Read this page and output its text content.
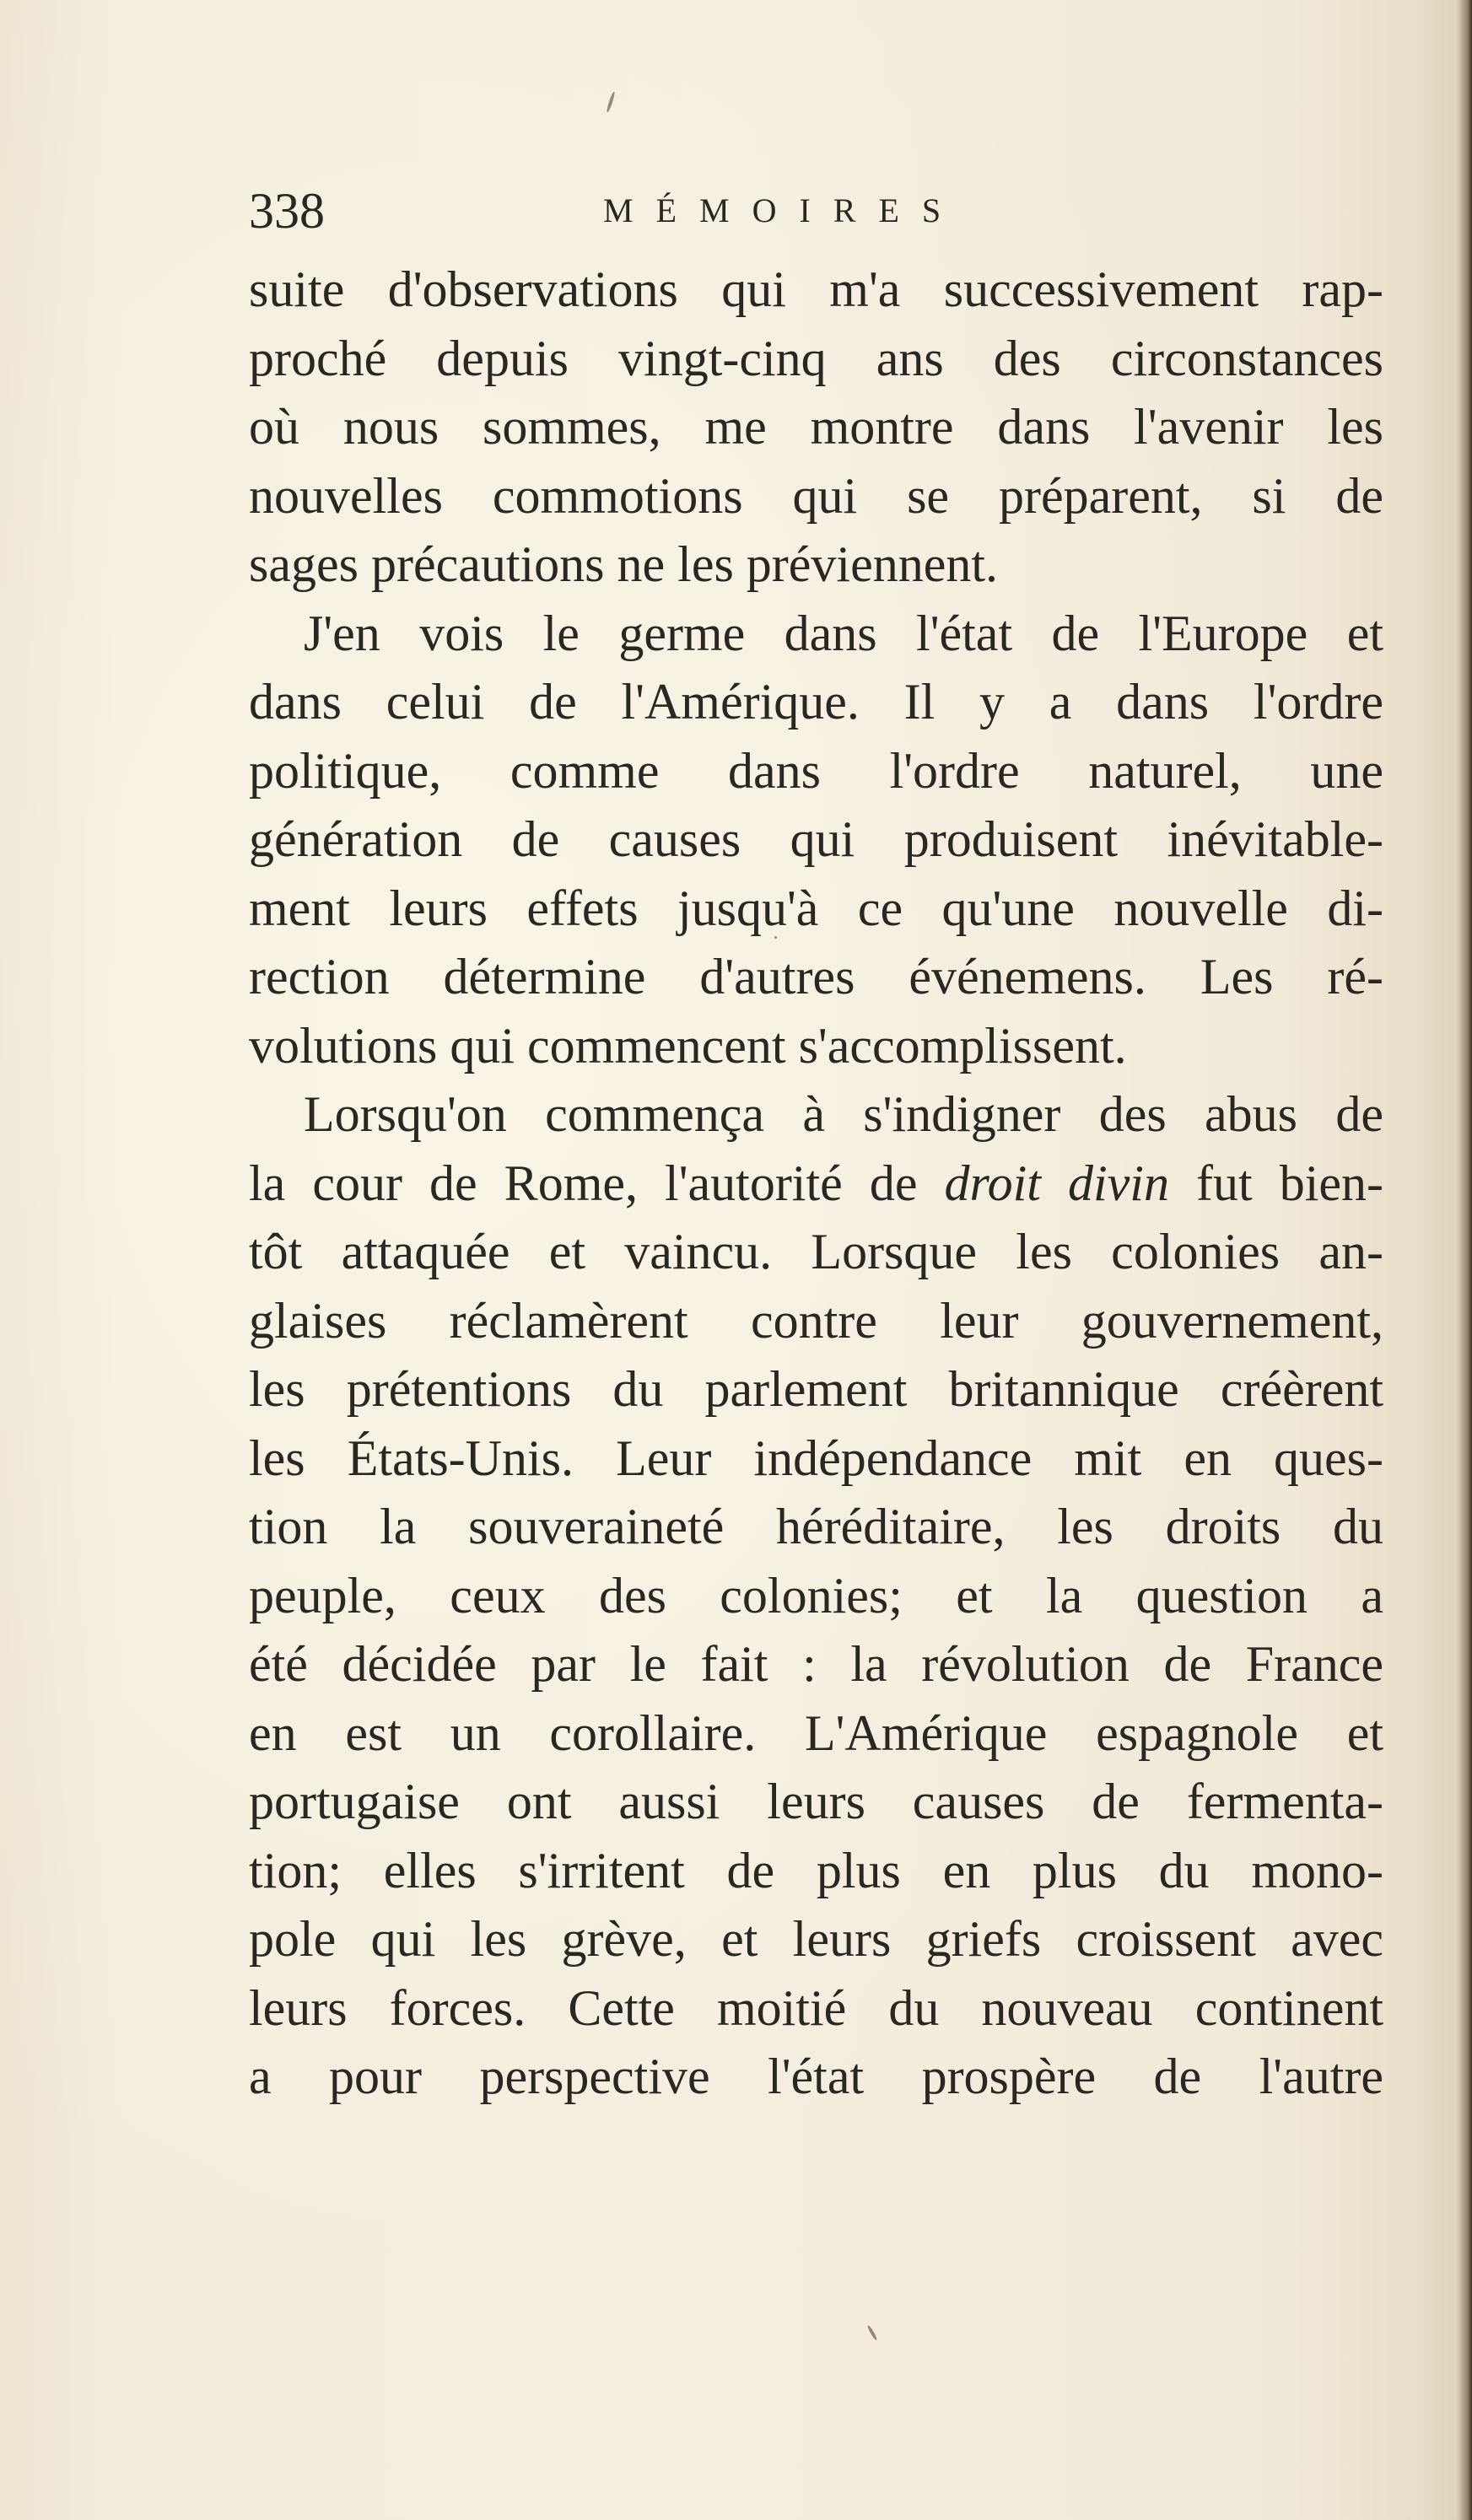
338	MÉMOIRES
suite d'observations qui m'a successivement rap-
proché depuis vingt-cinq ans des circonstances
où nous sommes, me montre dans l'avenir les
nouvelles commotions qui se préparent, si de
sages précautions ne les préviennent.
J'en vois le germe dans l'état de l'Europe et
dans celui de l'Amérique. Il y a dans l'ordre
politique, comme dans l'ordre naturel, une
génération de causes qui produisent inévitable-
ment leurs effets jusqu'à ce qu'une nouvelle di-
rection détermine d'autres événemens. Les ré-
volutions qui commencent s'accomplissent.
Lorsqu'on commença à s'indigner des abus de
la cour de Rome, l'autorité de droit divin fut bien-
tôt attaquée et vaincu. Lorsque les colonies an-
glaises réclamèrent contre leur gouvernement,
les prétentions du parlement britannique créèrent
les États-Unis. Leur indépendance mit en ques-
tion la souveraineté héréditaire, les droits du
peuple, ceux des colonies; et la question a
été décidée par le fait : la révolution de France
en est un corollaire. L'Amérique espagnole et
portugaise ont aussi leurs causes de fermenta-
tion; elles s'irritent de plus en plus du mono-
pole qui les grève, et leurs griefs croissent avec
leurs forces. Cette moitié du nouveau continent
a pour perspective l'état prospère de l'autre
